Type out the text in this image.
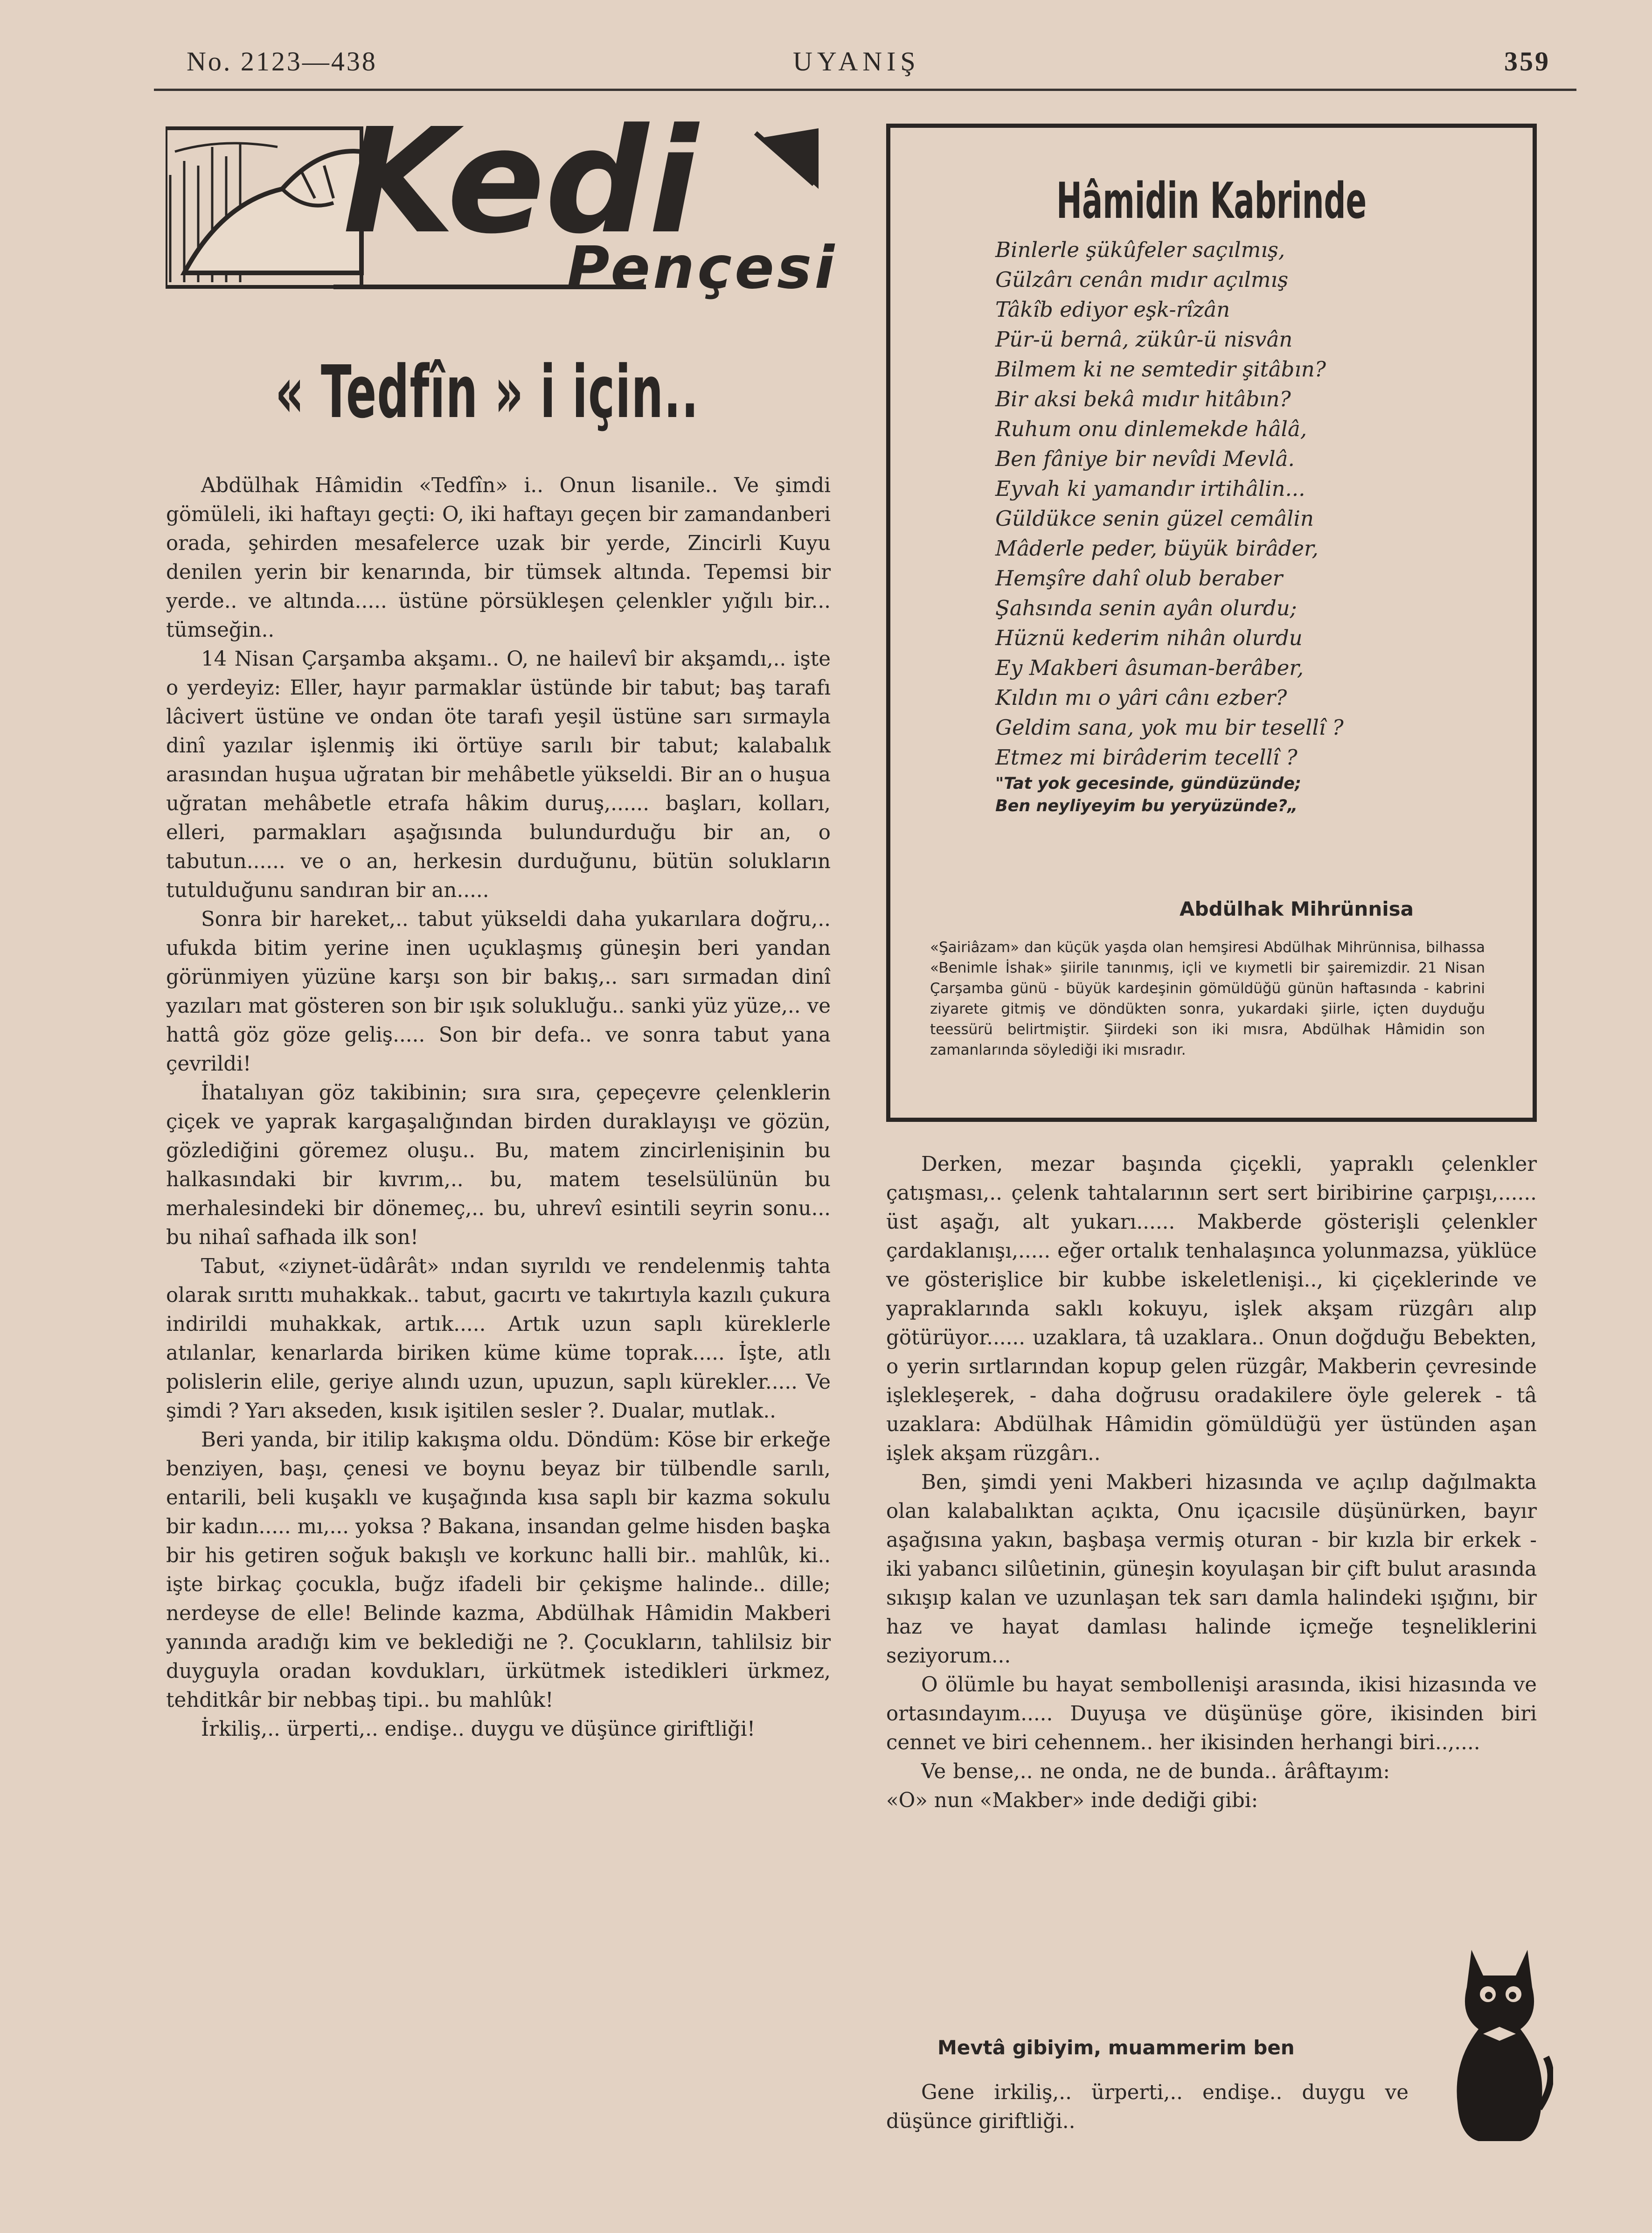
No. 2123—438	UYANIŞ	359
Kedi
Pençesi
« Tedfîn » i için..

Abdülhak Hâmidin «Tedfîn» i.. Onun lisanile.. Ve şimdi gömüleli, iki haftayı geçti: O, iki haftayı geçen bir zamandanberi orada, şehirden mesafelerce uzak bir yerde, Zincirli Kuyu denilen yerin bir kenarında, bir tümsek altında. Tepemsi bir yerde.. ve altında..... üstüne pörsükleşen çelenkler yığılı bir... tümseğin..

14 Nisan Çarşamba akşamı.. O, ne hailevî bir akşamdı,.. işte o yerdeyiz: Eller, hayır parmaklar üstünde bir tabut; baş tarafı lâcivert üstüne ve ondan öte tarafı yeşil üstüne sarı sırmayla dinî yazılar işlenmiş iki örtüye sarılı bir tabut; kalabalık arasından huşua uğratan bir mehâbetle yükseldi. Bir an o huşua uğratan mehâbetle etrafa hâkim duruş,...... başları, kolları, elleri, parmakları aşağısında bulundurduğu bir an, o tabutun...... ve o an, herkesin durduğunu, bütün solukların tutulduğunu sandıran bir an.....

Sonra bir hareket,.. tabut yükseldi daha yukarılara doğru,.. ufukda bitim yerine inen uçuklaşmış güneşin beri yandan görünmiyen yüzüne karşı son bir bakış,.. sarı sırmadan dinî yazıları mat gösteren son bir ışık solukluğu.. sanki yüz yüze,.. ve hattâ göz göze geliş..... Son bir defa.. ve sonra tabut yana çevrildi!

İhatalıyan göz takibinin; sıra sıra, çepeçevre çelenklerin çiçek ve yaprak kargaşalığından birden duraklayışı ve gözün, gözlediğini göremez oluşu.. Bu, matem zincirlenişinin bu halkasındaki bir kıvrım,.. bu, matem teselsülünün bu merhalesindeki bir dönemeç,.. bu, uhrevî esintili seyrin sonu... bu nihaî safhada ilk son!

Tabut, «ziynet-üdârât» ından sıyrıldı ve rendelenmiş tahta olarak sırıttı muhakkak.. tabut, gacırtı ve takırtıyla kazılı çukura indirildi muhakkak, artık..... Artık uzun saplı küreklerle atılanlar, kenarlarda biriken küme küme toprak..... İşte, atlı polislerin elile, geriye alındı uzun, upuzun, saplı kürekler..... Ve şimdi ? Yarı akseden, kısık işitilen sesler ?. Dualar, mutlak..

Beri yanda, bir itilip kakışma oldu. Döndüm: Köse bir erkeğe benziyen, başı, çenesi ve boynu beyaz bir tülbendle sarılı, entarili, beli kuşaklı ve kuşağında kısa saplı bir kazma sokulu bir kadın..... mı,... yoksa ? Bakana, insandan gelme hisden başka bir his getiren soğuk bakışlı ve korkunc halli bir.. mahlûk, ki.. işte birkaç çocukla, buğz ifadeli bir çekişme halinde.. dille; nerdeyse de elle! Belinde kazma, Abdülhak Hâmidin Makberi yanında aradığı kim ve beklediği ne ?. Çocukların, tahlilsiz bir duyguyla oradan kovdukları, ürkütmek istedikleri ürkmez, tehditkâr bir nebbaş tipi.. bu mahlûk!

İrkiliş,.. ürperti,.. endişe.. duygu ve düşünce giriftliği!

Hâmidin Kabrinde

Binlerle şükûfeler saçılmış,

Gülzârı cenân mıdır açılmış

Tâkîb ediyor eşk-rîzân

Pür-ü bernâ, zükûr-ü nisvân

Bilmem ki ne semtedir şitâbın?

Bir aksi bekâ mıdır hitâbın?

Ruhum onu dinlemekde hâlâ,

Ben fâniye bir nevîdi Mevlâ.

Eyvah ki yamandır irtihâlin...

Güldükce senin güzel cemâlin

Mâderle peder, büyük birâder,

Hemşîre dahî olub beraber

Şahsında senin ayân olurdu;

Hüznü kederim nihân olurdu

Ey Makberi âsuman-berâber,

Kıldın mı o yâri cânı ezber?

Geldim sana, yok mu bir tesellî ?

Etmez mi birâderim tecellî ?

"Tat yok gecesinde, gündüzünde;

Ben neyliyeyim bu yeryüzünde?„

Abdülhak Mihrünnisa
«Şairiâzam» dan küçük yaşda olan hemşiresi Abdülhak Mihrünnisa, bilhassa «Benimle İshak» şiirile tanınmış, içli ve kıymetli bir şairemizdir. 21 Nisan Çarşamba günü - büyük kardeşinin gömüldüğü günün haftasında - kabrini ziyarete gitmiş ve döndükten sonra, yukardaki şiirle, içten duyduğu teessürü belirtmiştir. Şiirdeki son iki mısra, Abdülhak Hâmidin son zamanlarında söylediği iki mısradır.

Derken, mezar başında çiçekli, yapraklı çelenkler çatışması,.. çelenk tahtalarının sert sert biribirine çarpışı,...... üst aşağı, alt yukarı...... Makberde gösterişli çelenkler çardaklanışı,..... eğer ortalık tenhalaşınca yolunmazsa, yüklüce ve gösterişlice bir kubbe iskeletlenişi.., ki çiçeklerinde ve yapraklarında saklı kokuyu, işlek akşam rüzgârı alıp götürüyor...... uzaklara, tâ uzaklara.. Onun doğduğu Bebekten, o yerin sırtlarından kopup gelen rüzgâr, Makberin çevresinde işlekleşerek, - daha doğrusu oradakilere öyle gelerek - tâ uzaklara: Abdülhak Hâmidin gömüldüğü yer üstünden aşan işlek akşam rüzgârı..

Ben, şimdi yeni Makberi hizasında ve açılıp dağılmakta olan kalabalıktan açıkta, Onu içacısile düşünürken, bayır aşağısına yakın, başbaşa vermiş oturan - bir kızla bir erkek - iki yabancı silûetinin, güneşin koyulaşan bir çift bulut arasında sıkışıp kalan ve uzunlaşan tek sarı damla halindeki ışığını, bir haz ve hayat damlası halinde içmeğe teşneliklerini seziyorum...

O ölümle bu hayat sembollenişi arasında, ikisi hizasında ve ortasındayım..... Duyuşa ve düşünüşe göre, ikisinden biri cennet ve biri cehennem.. her ikisinden herhangi biri..,....

Ve bense,.. ne onda, ne de bunda.. ârâftayım: «O» nun «Makber» inde dediği gibi:

Mevtâ gibiyim, muammerim ben

Gene irkiliş,.. ürperti,.. endişe.. duygu ve düşünce giriftliği..
